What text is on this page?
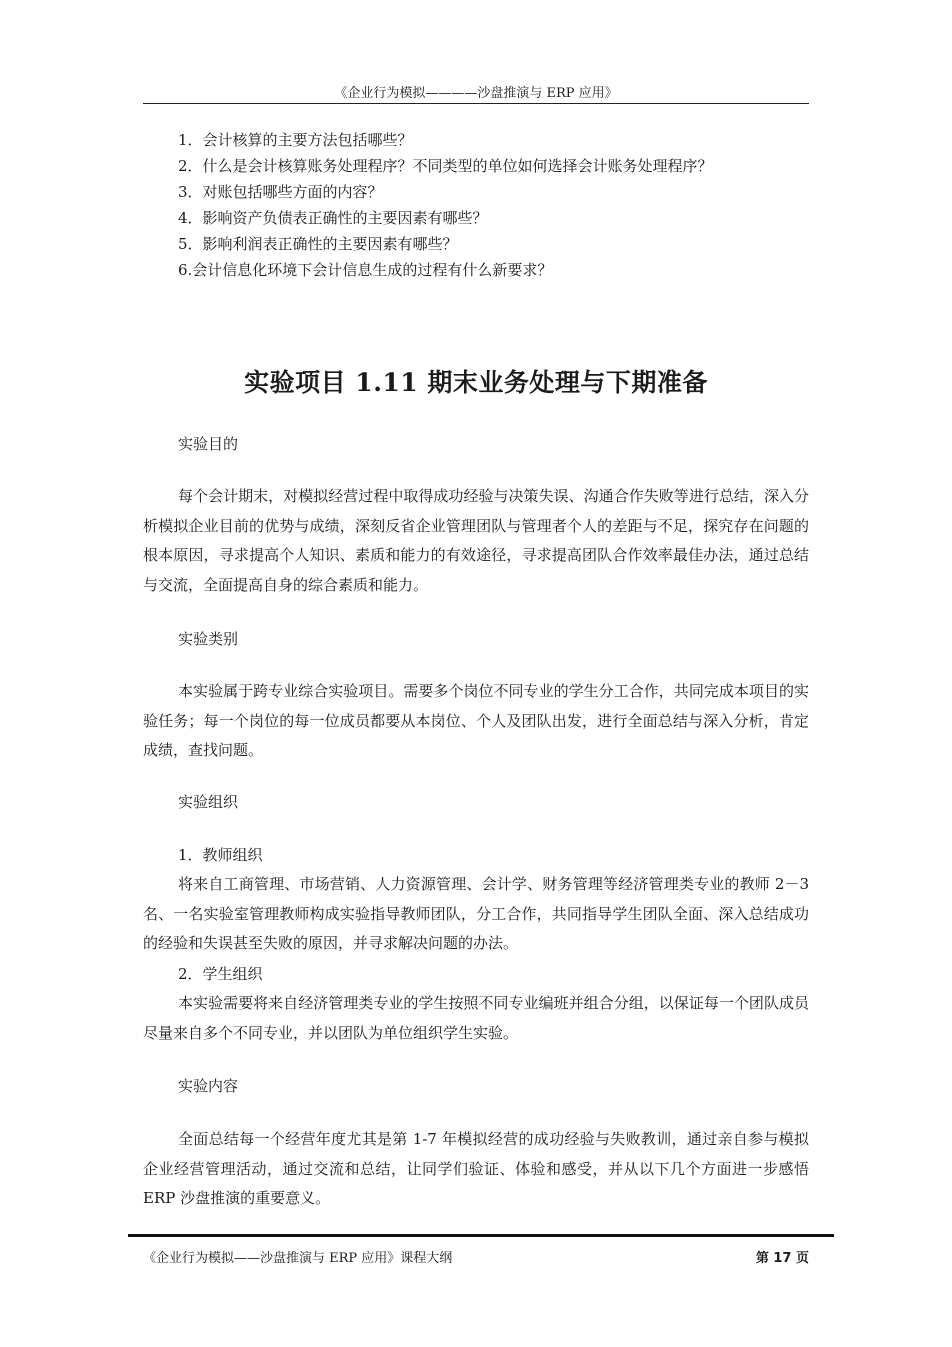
《企业行为模拟————沙盘推演与 ERP 应用》
1．会计核算的主要方法包括哪些？
2．什么是会计核算账务处理程序？不同类型的单位如何选择会计账务处理程序？
3．对账包括哪些方面的内容？
4．影响资产负债表正确性的主要因素有哪些？
5．影响利润表正确性的主要因素有哪些？
6.会计信息化环境下会计信息生成的过程有什么新要求？
实验项目 1.11 期末业务处理与下期准备
实验目的

每个会计期末，对模拟经营过程中取得成功经验与决策失误、沟通合作失败等进行总结，深入分析模拟企业目前的优势与成绩，深刻反省企业管理团队与管理者个人的差距与不足，探究存在问题的根本原因，寻求提高个人知识、素质和能力的有效途径，寻求提高团队合作效率最佳办法，通过总结与交流，全面提高自身的综合素质和能力。

实验类别

本实验属于跨专业综合实验项目。需要多个岗位不同专业的学生分工合作，共同完成本项目的实验任务；每一个岗位的每一位成员都要从本岗位、个人及团队出发，进行全面总结与深入分析，肯定成绩，查找问题。

实验组织
1．教师组织

将来自工商管理、市场营销、人力资源管理、会计学、财务管理等经济管理类专业的教师 2－3 名、一名实验室管理教师构成实验指导教师团队，分工合作，共同指导学生团队全面、深入总结成功的经验和失误甚至失败的原因，并寻求解决问题的办法。

2．学生组织

本实验需要将来自经济管理类专业的学生按照不同专业编班并组合分组，以保证每一个团队成员尽量来自多个不同专业，并以团队为单位组织学生实验。

实验内容

全面总结每一个经营年度尤其是第 1-7 年模拟经营的成功经验与失败教训，通过亲自参与模拟企业经营管理活动，通过交流和总结，让同学们验证、体验和感受，并从以下几个方面进一步感悟 ERP 沙盘推演的重要意义。

《企业行为模拟——沙盘推演与 ERP 应用》课程大纲	第 17 页
